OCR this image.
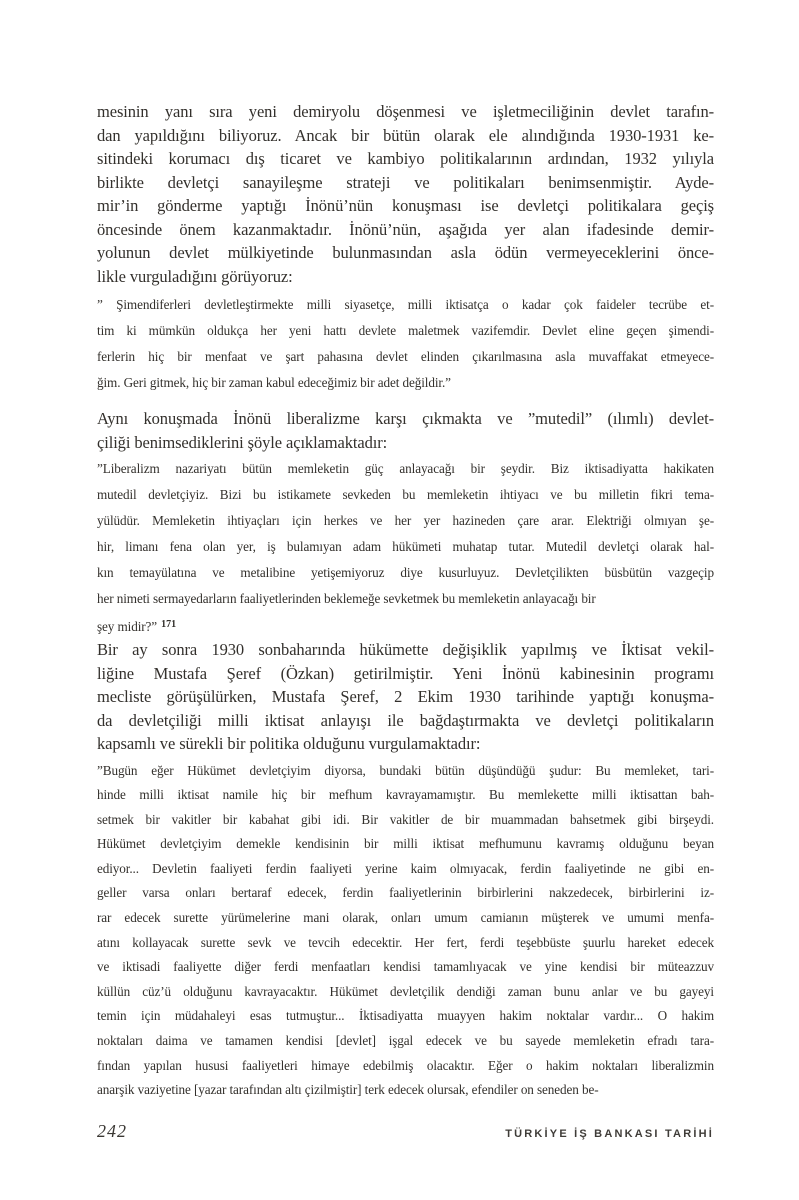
mesinin yanı sıra yeni demiryolu döşenmesi ve işletmeciliğinin devlet tarafın-
dan yapıldığını biliyoruz. Ancak bir bütün olarak ele alındığında 1930-1931 ke-
sitindeki korumacı dış ticaret ve kambiyo politikalarının ardından, 1932 yılıyla
birlikte devletçi sanayileşme strateji ve politikaları benimsenmiştir. Ayde-
mir’in gönderme yaptığı İnönü’nün konuşması ise devletçi politikalara geçiş
öncesinde önem kazanmaktadır. İnönü’nün, aşağıda yer alan ifadesinde demir-
yolunun devlet mülkiyetinde bulunmasından asla ödün vermeyeceklerini önce-
likle vurguladığını görüyoruz:
” Şimendiferleri devletleştirmekte milli siyasetçe, milli iktisatça o kadar çok faideler tecrübe et-
tim ki mümkün oldukça her yeni hattı devlete maletmek vazifemdir. Devlet eline geçen şimendi-
ferlerin hiç bir menfaat ve şart pahasına devlet elinden çıkarılmasına asla muvaffakat etmeyece-
ğim. Geri gitmek, hiç bir zaman kabul edeceğimiz bir adet değildir.”
Aynı konuşmada İnönü liberalizme karşı çıkmakta ve ”mutedil” (ılımlı) devlet-
çiliği benimsediklerini şöyle açıklamaktadır:
”Liberalizm nazariyatı bütün memleketin güç anlayacağı bir şeydir. Biz iktisadiyatta hakikaten
mutedil devletçiyiz. Bizi bu istikamete sevkeden bu memleketin ihtiyacı ve bu milletin fikri tema-
yülüdür. Memleketin ihtiyaçları için herkes ve her yer hazineden çare arar. Elektriği olmıyan şe-
hir, limanı fena olan yer, iş bulamıyan adam hükümeti muhatap tutar. Mutedil devletçi olarak hal-
kın temayülatına ve metalibine yetişemiyoruz diye kusurluyuz. Devletçilikten büsbütün vazgeçip
her nimeti sermayedarların faaliyetlerinden beklemeğe sevketmek bu memleketin anlayacağı bir
şey midir?” $^{171}$
Bir ay sonra 1930 sonbaharında hükümette değişiklik yapılmış ve İktisat vekil-
liğine Mustafa Şeref (Özkan) getirilmiştir. Yeni İnönü kabinesinin programı
mecliste görüşülürken, Mustafa Şeref, 2 Ekim 1930 tarihinde yaptığı konuşma-
da devletçiliği milli iktisat anlayışı ile bağdaştırmakta ve devletçi politikaların
kapsamlı ve sürekli bir politika olduğunu vurgulamaktadır:
”Bugün eğer Hükümet devletçiyim diyorsa, bundaki bütün düşündüğü şudur: Bu memleket, tari-
hinde milli iktisat namile hiç bir mefhum kavrayamamıştır. Bu memlekette milli iktisattan bah-
setmek bir vakitler bir kabahat gibi idi. Bir vakitler de bir muammadan bahsetmek gibi birşeydi.
Hükümet devletçiyim demekle kendisinin bir milli iktisat mefhumunu kavramış olduğunu beyan
ediyor... Devletin faaliyeti ferdin faaliyeti yerine kaim olmıyacak, ferdin faaliyetinde ne gibi en-
geller varsa onları bertaraf edecek, ferdin faaliyetlerinin birbirlerini nakzedecek, birbirlerini iz-
rar edecek surette yürümelerine mani olarak, onları umum camianın müşterek ve umumi menfa-
atını kollayacak surette sevk ve tevcih edecektir. Her fert, ferdi teşebbüste şuurlu hareket edecek
ve iktisadi faaliyette diğer ferdi menfaatları kendisi tamamlıyacak ve yine kendisi bir müteazzuv
küllün cüz’ü olduğunu kavrayacaktır. Hükümet devletçilik dendiği zaman bunu anlar ve bu gayeyi
temin için müdahaleyi esas tutmuştur... İktisadiyatta muayyen hakim noktalar vardır... O hakim
noktaları daima ve tamamen kendisi [devlet] işgal edecek ve bu sayede memleketin efradı tara-
fından yapılan hususi faaliyetleri himaye edebilmiş olacaktır. Eğer o hakim noktaları liberalizmin
anarşik vaziyetine [yazar tarafından altı çizilmiştir] terk edecek olursak, efendiler on seneden be-
242	TÜRKİYE İŞ BANKASI TARİHİ
